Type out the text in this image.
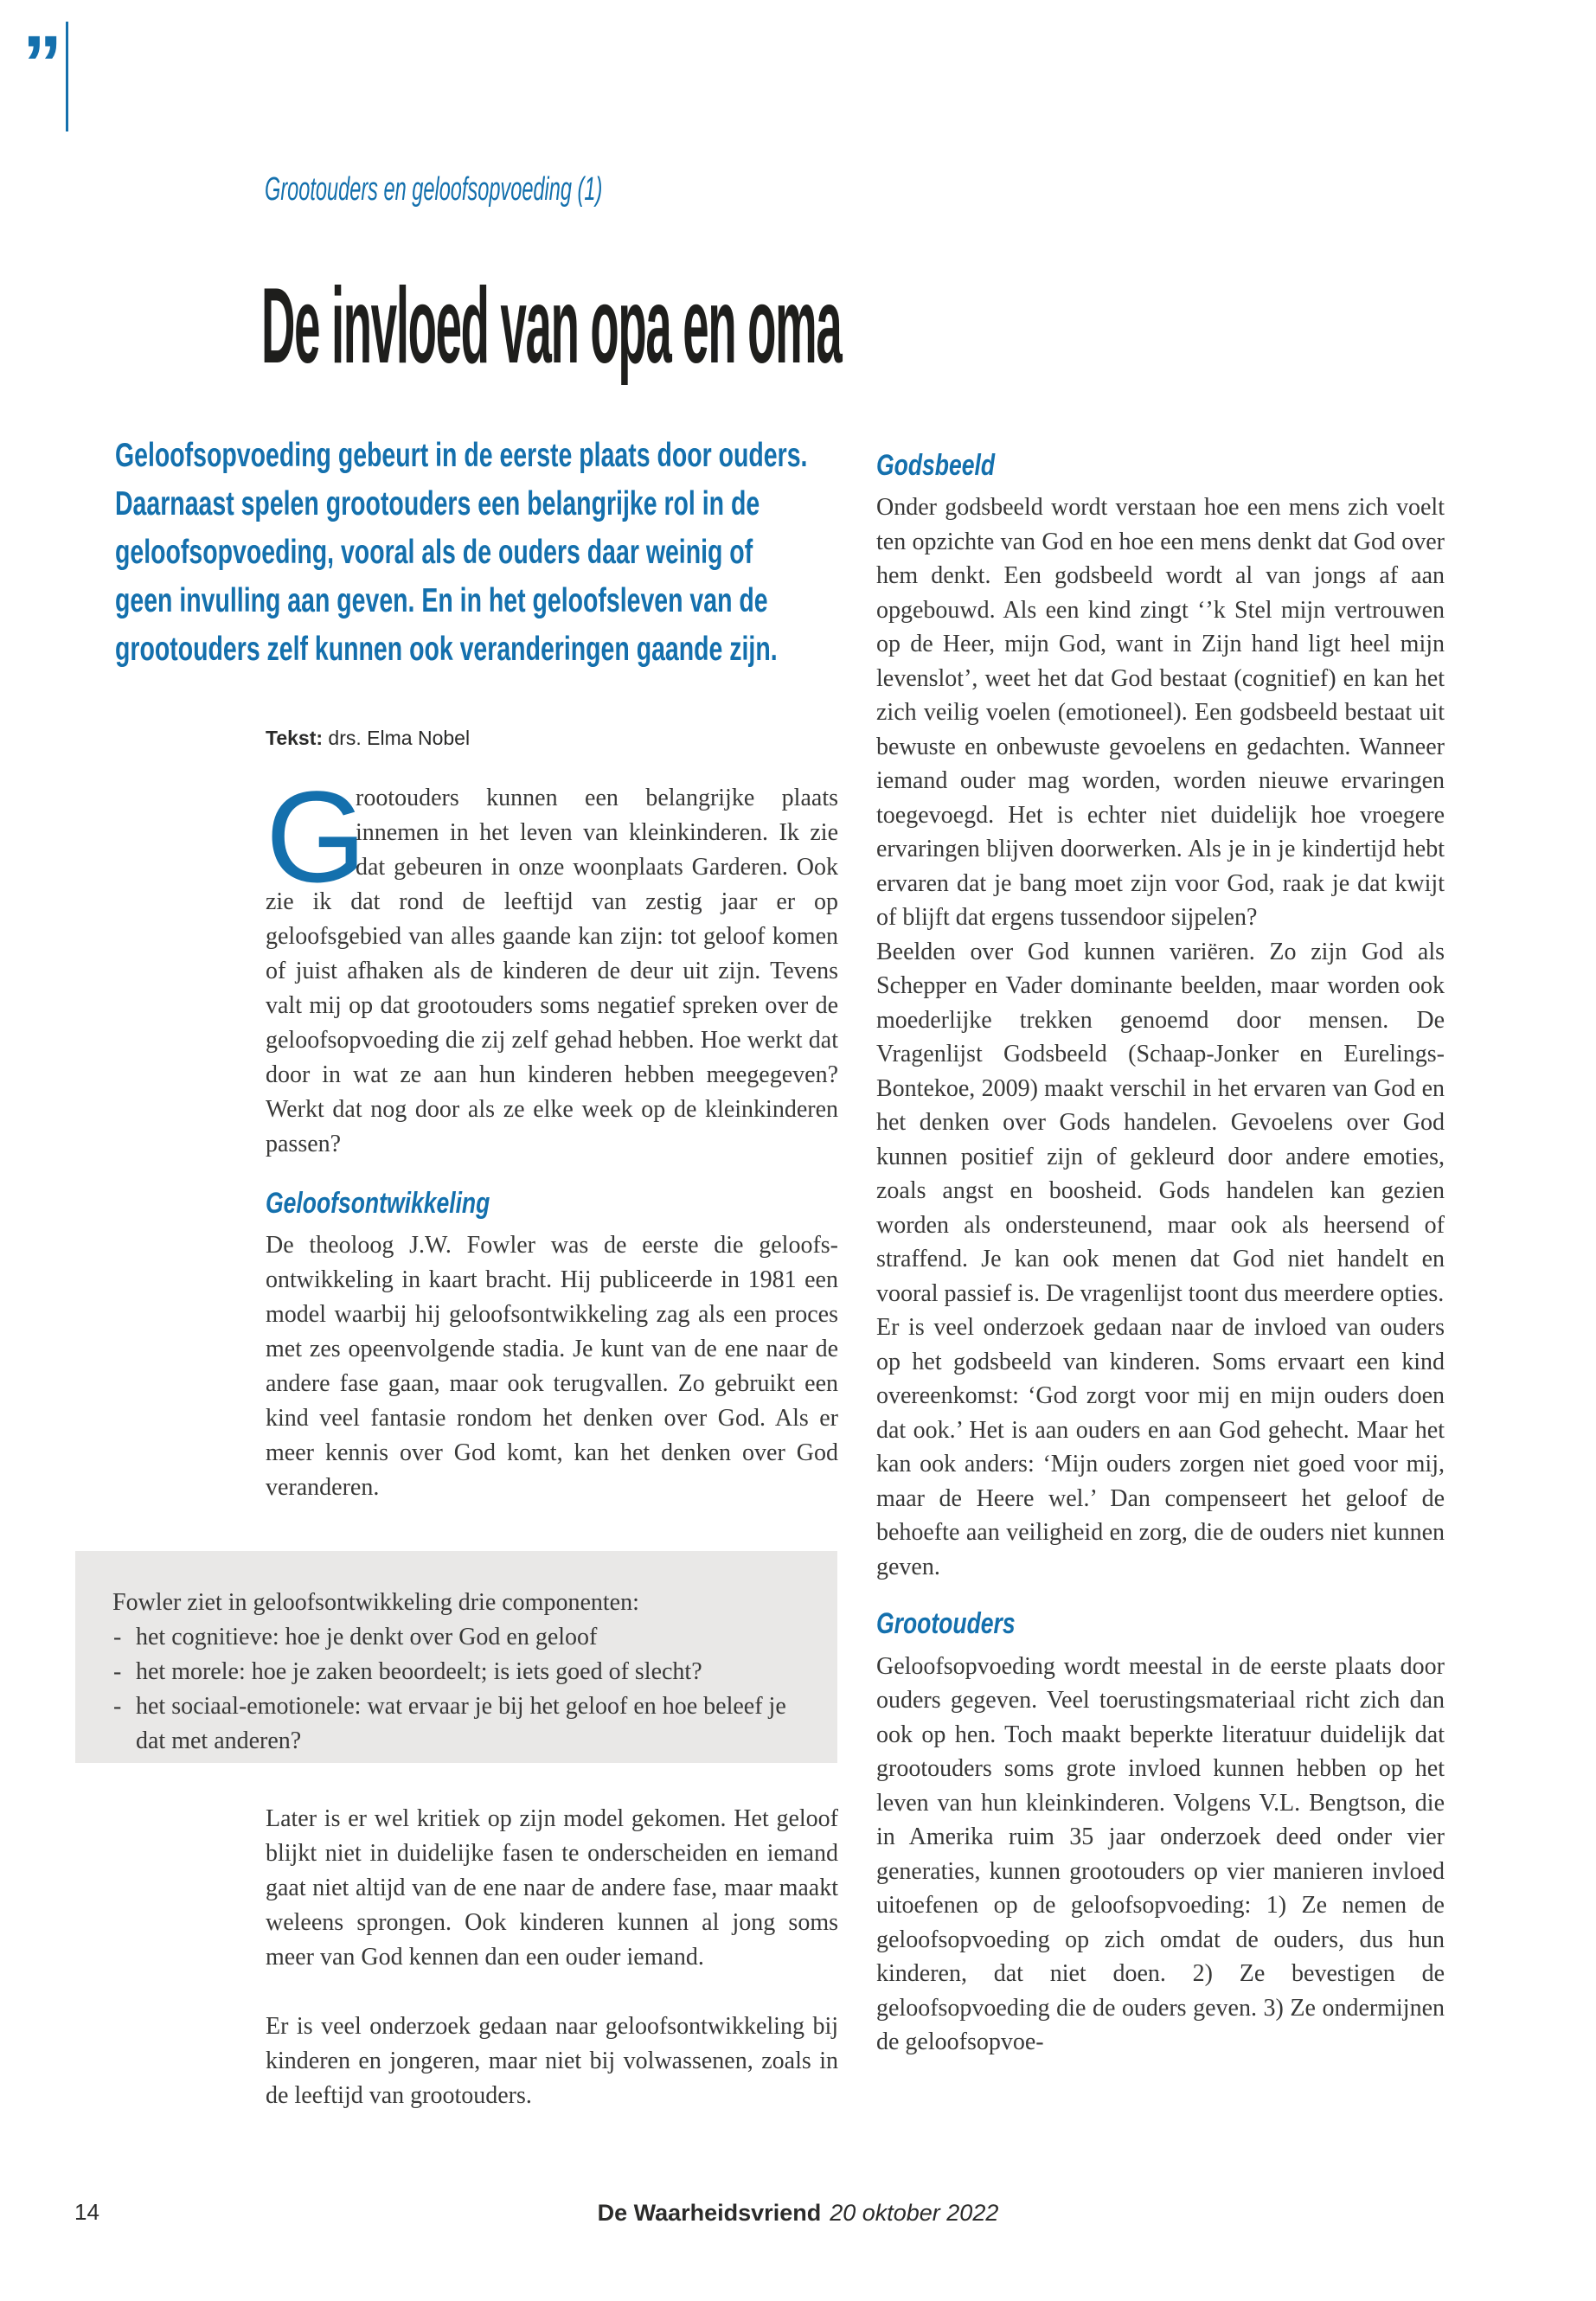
”
Grootouders en geloofsopvoeding (1)
De invloed van opa en oma
Geloofsopvoeding gebeurt in de eerste plaats door ouders.
Daarnaast spelen grootouders een belangrijke rol in de
geloofsopvoeding, vooral als de ouders daar weinig of
geen invulling aan geven. En in het geloofsleven van de
grootouders zelf kunnen ook veranderingen gaande zijn.
Tekst: drs. Elma Nobel

G
rootouders kunnen een belangrijke plaats innemen in het leven van kleinkinderen. Ik zie dat gebeuren in onze woonplaats Garderen. Ook zie ik dat rond de leeftijd van zestig jaar er op geloofsgebied van alles gaande kan zijn: tot geloof komen of juist afhaken als de kinderen de deur uit zijn. Tevens valt mij op dat grootouders soms negatief spreken over de geloofsopvoeding die zij zelf gehad hebben. Hoe werkt dat door in wat ze aan hun kinderen hebben meegegeven? Werkt dat nog door als ze elke week op de kleinkinderen passen?

Geloofsontwikkeling

De theoloog J.W. Fowler was de eerste die geloofsontwikkeling in kaart bracht. Hij publiceerde in 1981 een model waarbij hij geloofsontwikkeling zag als een proces met zes opeenvolgende stadia. Je kunt van de ene naar de andere fase gaan, maar ook terugvallen. Zo gebruikt een kind veel fantasie rondom het denken over God. Als er meer kennis over God komt, kan het denken over God veranderen.

Fowler ziet in geloofsontwikkeling drie componenten:

- het cognitieve: hoe je denkt over God en geloof
- het morele: hoe je zaken beoordeelt; is iets goed of slecht?
- het sociaal-emotionele: wat ervaar je bij het geloof en hoe beleef je dat met anderen?

Later is er wel kritiek op zijn model gekomen. Het geloof blijkt niet in duidelijke fasen te onderscheiden en iemand gaat niet altijd van de ene naar de andere fase, maar maakt weleens sprongen. Ook kinderen kunnen al jong soms meer van God kennen dan een ouder iemand.

Er is veel onderzoek gedaan naar geloofsontwikkeling bij kinderen en jongeren, maar niet bij volwassenen, zoals in de leeftijd van grootouders.

Godsbeeld

Onder godsbeeld wordt verstaan hoe een mens zich voelt ten opzichte van God en hoe een mens denkt dat God over hem denkt. Een godsbeeld wordt al van jongs af aan opgebouwd. Als een kind zingt ‘’k Stel mijn vertrouwen op de Heer, mijn God, want in Zijn hand ligt heel mijn levenslot’, weet het dat God bestaat (cognitief) en kan het zich veilig voelen (emotioneel). Een godsbeeld bestaat uit bewuste en onbewuste gevoelens en gedachten. Wanneer iemand ouder mag worden, worden nieuwe ervaringen toegevoegd. Het is echter niet duidelijk hoe vroegere ervaringen blijven doorwerken. Als je in je kindertijd hebt ervaren dat je bang moet zijn voor God, raak je dat kwijt of blijft dat ergens tussendoor sijpelen?

Beelden over God kunnen variëren. Zo zijn God als Schepper en Vader dominante beelden, maar worden ook moederlijke trekken genoemd door mensen. De Vragenlijst Godsbeeld (Schaap-Jonker en Eurelings-Bontekoe, 2009) maakt verschil in het ervaren van God en het denken over Gods handelen. Gevoelens over God kunnen positief zijn of gekleurd door andere emoties, zoals angst en boosheid. Gods handelen kan gezien worden als ondersteunend, maar ook als heersend of straffend. Je kan ook menen dat God niet handelt en vooral passief is. De vragenlijst toont dus meerdere opties.

Er is veel onderzoek gedaan naar de invloed van ouders op het godsbeeld van kinderen. Soms ervaart een kind overeenkomst: ‘God zorgt voor mij en mijn ouders doen dat ook.’ Het is aan ouders en aan God gehecht. Maar het kan ook anders: ‘Mijn ouders zorgen niet goed voor mij, maar de Heere wel.’ Dan compenseert het geloof de behoefte aan veiligheid en zorg, die de ouders niet kunnen geven.

Grootouders

Geloofsopvoeding wordt meestal in de eerste plaats door ouders gegeven. Veel toerustingsmateriaal richt zich dan ook op hen. Toch maakt beperkte literatuur duidelijk dat grootouders soms grote invloed kunnen hebben op het leven van hun kleinkinderen. Volgens V.L. Bengtson, die in Amerika ruim 35 jaar onderzoek deed onder vier generaties, kunnen grootouders op vier manieren invloed uitoefenen op de geloofsopvoeding: 1) Ze nemen de geloofsopvoeding op zich omdat de ouders, dus hun kinderen, dat niet doen. 2) Ze bevestigen de geloofsopvoeding die de ouders geven. 3) Ze ondermijnen de geloofsopvoe-

14	De Waarheidsvriend 20 oktober 2022
